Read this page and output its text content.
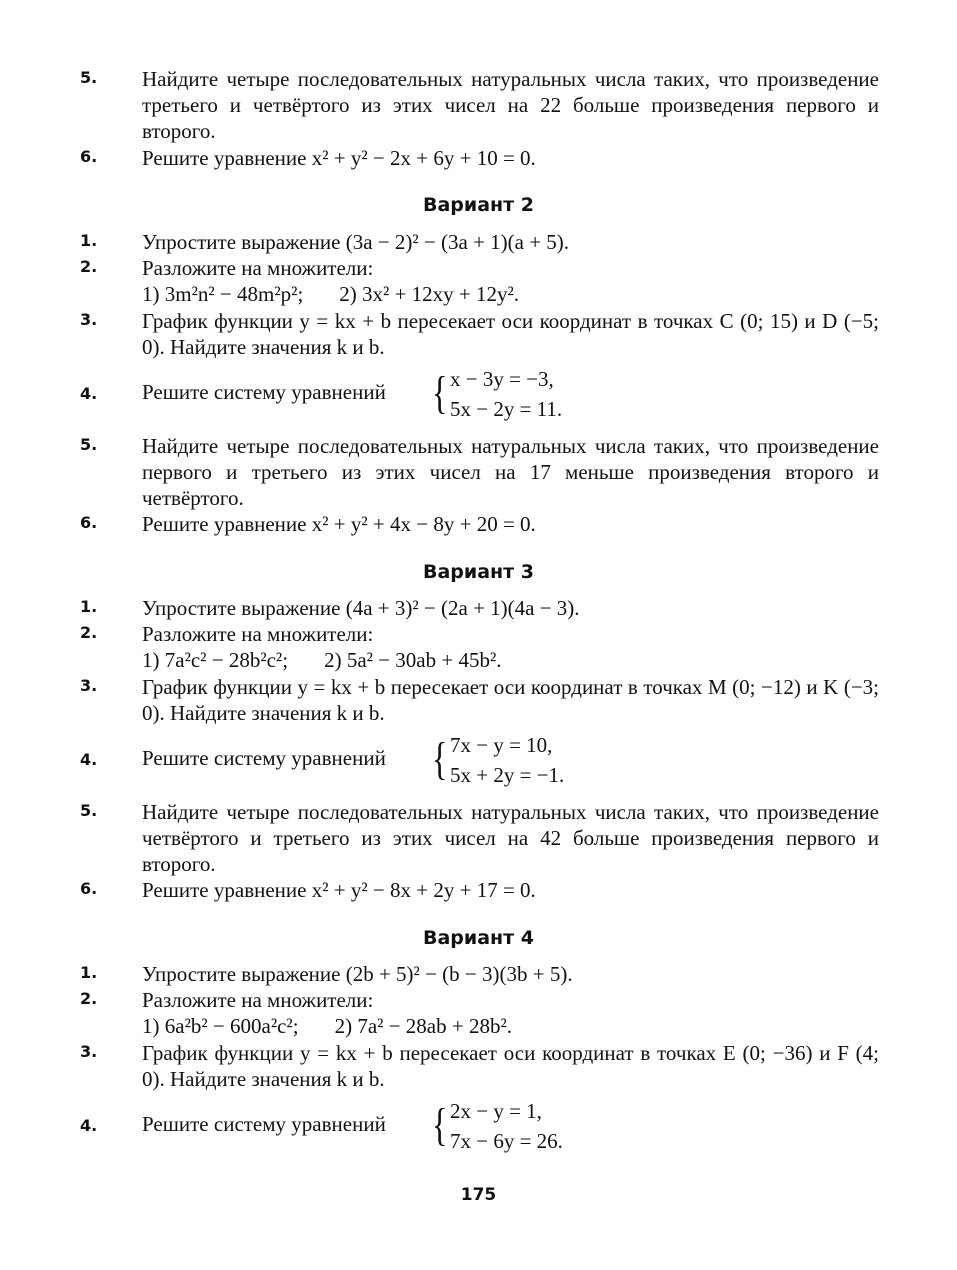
5. Найдите четыре последовательных натуральных числа таких, что произведение третьего и четвёртого из этих чисел на 22 больше произведения первого и второго.
6. Решите уравнение x² + y² − 2x + 6y + 10 = 0.
Вариант 2
1. Упростите выражение (3a − 2)² − (3a + 1)(a + 5).
2. Разложите на множители:
1) 3m²n² − 48m²p²; 2) 3x² + 12xy + 12y².
3. График функции y = kx + b пересекает оси координат в точках C (0; 15) и D (−5; 0). Найдите значения k и b.
4. Решите систему уравнений { x − 3y = −3,
5x − 2y = 11.
5. Найдите четыре последовательных натуральных числа таких, что произведение первого и третьего из этих чисел на 17 меньше произведения второго и четвёртого.
6. Решите уравнение x² + y² + 4x − 8y + 20 = 0.
Вариант 3
1. Упростите выражение (4a + 3)² − (2a + 1)(4a − 3).
2. Разложите на множители:
1) 7a²c² − 28b²c²; 2) 5a² − 30ab + 45b².
3. График функции y = kx + b пересекает оси координат в точках M (0; −12) и K (−3; 0). Найдите значения k и b.
4. Решите систему уравнений { 7x − y = 10,
5x + 2y = −1.
5. Найдите четыре последовательных натуральных числа таких, что произведение четвёртого и третьего из этих чисел на 42 больше произведения первого и второго.
6. Решите уравнение x² + y² − 8x + 2y + 17 = 0.
Вариант 4
1. Упростите выражение (2b + 5)² − (b − 3)(3b + 5).
2. Разложите на множители:
1) 6a²b² − 600a²c²; 2) 7a² − 28ab + 28b².
3. График функции y = kx + b пересекает оси координат в точках E (0; −36) и F (4; 0). Найдите значения k и b.
4. Решите систему уравнений { 2x − y = 1,
7x − 6y = 26.
175
